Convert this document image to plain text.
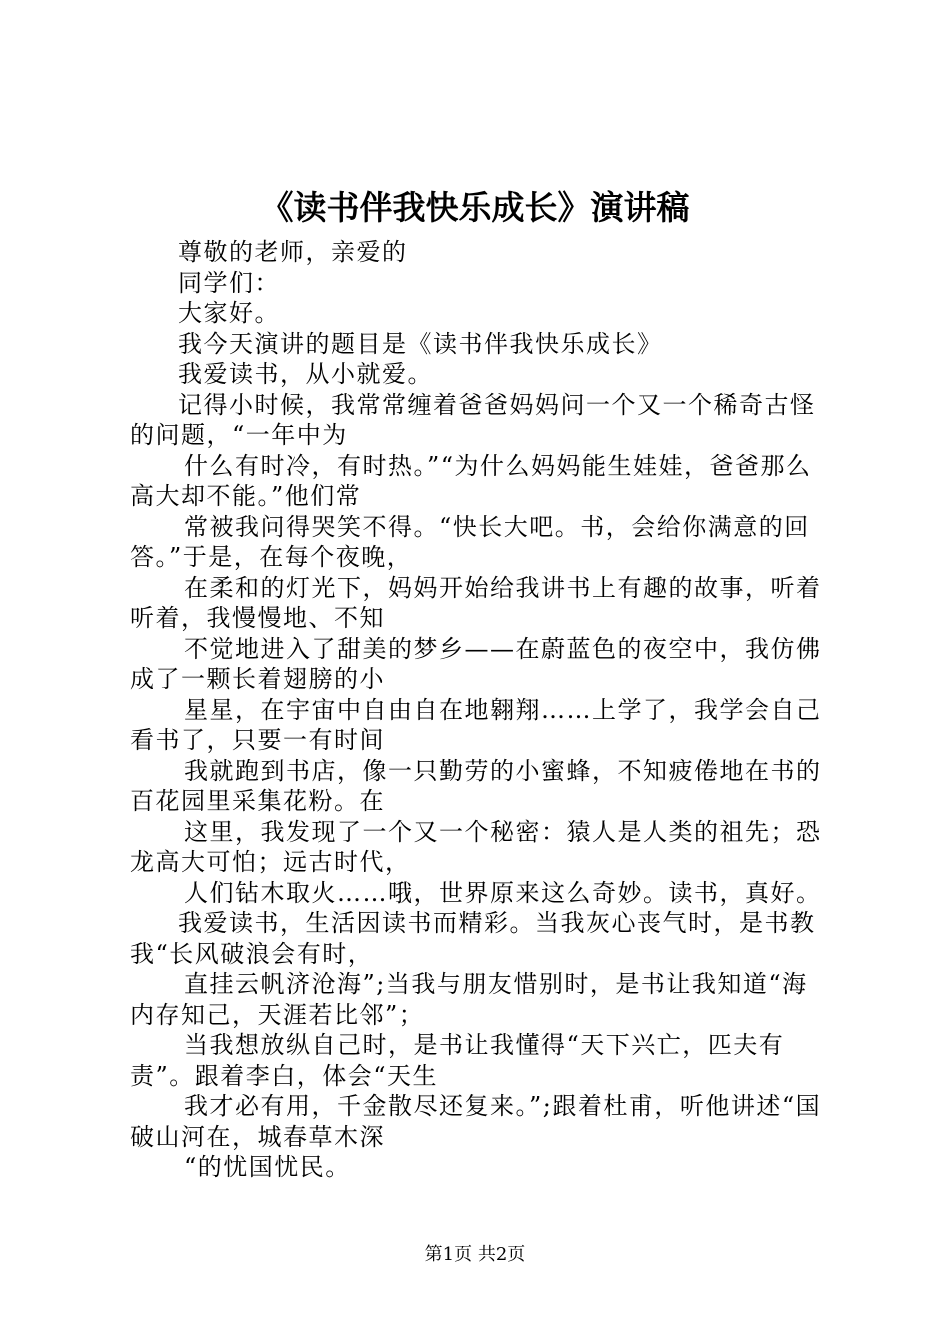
《读书伴我快乐成长》演讲稿

尊敬的老师，亲爱的

同学们：

大家好。

我今天演讲的题目是《读书伴我快乐成长》

我爱读书，从小就爱。

记得小时候，我常常缠着爸爸妈妈问一个又一个稀奇古怪的问题，“一年中为

什么有时冷，有时热。”“为什么妈妈能生娃娃，爸爸那么高大却不能。”他们常

常被我问得哭笑不得。“快长大吧。书，会给你满意的回答。”于是，在每个夜晚，

在柔和的灯光下，妈妈开始给我讲书上有趣的故事，听着听着，我慢慢地、不知

不觉地进入了甜美的梦乡——在蔚蓝色的夜空中，我仿佛成了一颗长着翅膀的小

星星，在宇宙中自由自在地翱翔……上学了，我学会自己看书了，只要一有时间

我就跑到书店，像一只勤劳的小蜜蜂，不知疲倦地在书的百花园里采集花粉。在

这里，我发现了一个又一个秘密：猿人是人类的祖先；恐龙高大可怕；远古时代，

人们钻木取火……哦，世界原来这么奇妙。读书，真好。

我爱读书，生活因读书而精彩。当我灰心丧气时，是书教我“长风破浪会有时，

直挂云帆济沧海”;当我与朋友惜别时，是书让我知道“海内存知己，天涯若比邻”；

当我想放纵自己时，是书让我懂得“天下兴亡，匹夫有责”。跟着李白，体会“天生

我才必有用，千金散尽还复来。”;跟着杜甫，听他讲述“国破山河在，城春草木深

“的忧国忧民。

第1页 共2页
